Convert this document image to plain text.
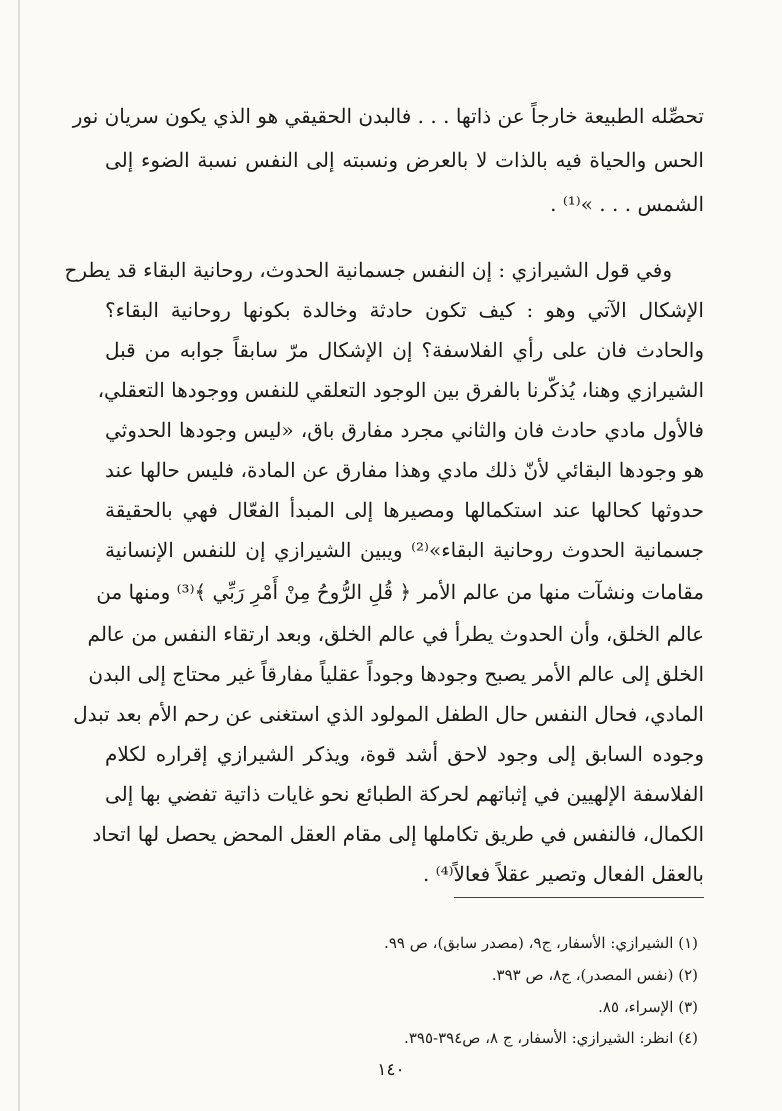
تحصِّله الطبيعة خارجاً عن ذاتها . . . فالبدن الحقيقي هو الذي يكون سريان نور
الحس والحياة فيه بالذات لا بالعرض ونسبته إلى النفس نسبة الضوء إلى
الشمس . . . »⁽¹⁾ .
وفي قول الشيرازي : إن النفس جسمانية الحدوث، روحانية البقاء قد يطرح
الإشكال الآتي وهو : كيف تكون حادثة وخالدة بكونها روحانية البقاء؟
والحادث فان على رأي الفلاسفة؟ إن الإشكال مرّ سابقاً جوابه من قبل
الشيرازي وهنا، يُذكّرنا بالفرق بين الوجود التعلقي للنفس ووجودها التعقلي،
فالأول مادي حادث فان والثاني مجرد مفارق باق، «ليس وجودها الحدوثي
هو وجودها البقائي لأنّ ذلك مادي وهذا مفارق عن المادة، فليس حالها عند
حدوثها كحالها عند استكمالها ومصيرها إلى المبدأ الفعّال فهي بالحقيقة
جسمانية الحدوث روحانية البقاء»⁽²⁾ ويبين الشيرازي إن للنفس الإنسانية
مقامات ونشآت منها من عالم الأمر ﴿ قُلِ الرُّوحُ مِنْ أَمْرِ رَبِّي ﴾⁽³⁾ ومنها من
عالم الخلق، وأن الحدوث يطرأ في عالم الخلق، وبعد ارتقاء النفس من عالم
الخلق إلى عالم الأمر يصبح وجودها وجوداً عقلياً مفارقاً غير محتاج إلى البدن
المادي، فحال النفس حال الطفل المولود الذي استغنى عن رحم الأم بعد تبدل
وجوده السابق إلى وجود لاحق أشد قوة، ويذكر الشيرازي إقراره لكلام
الفلاسفة الإلهيين في إثباتهم لحركة الطبائع نحو غايات ذاتية تفضي بها إلى
الكمال، فالنفس في طريق تكاملها إلى مقام العقل المحض يحصل لها اتحاد
بالعقل الفعال وتصير عقلاً فعالاً⁽⁴⁾ .
(١) الشيرازي: الأسفار، ج٩، (مصدر سابق)، ص ٩٩.
(٢) (نفس المصدر)، ج٨، ص ٣٩٣.
(٣) الإسراء، ٨٥.
(٤) انظر: الشيرازي: الأسفار، ج ٨، ص٣٩٤-٣٩٥.
١٤٠
